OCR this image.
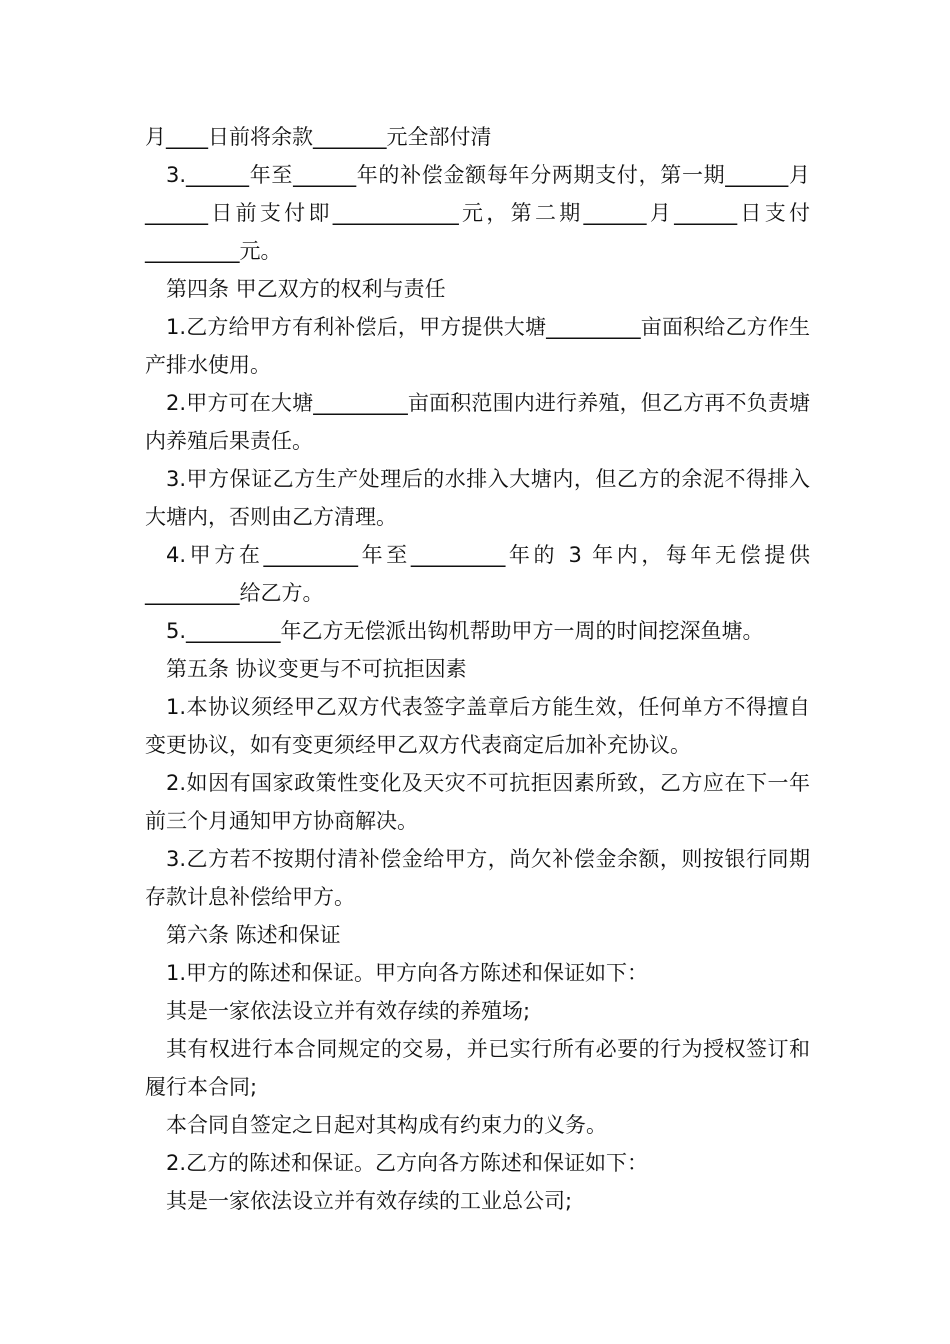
月____日前将余款_______元全部付清

3.______年至______年的补偿金额每年分两期支付，第一期______月______日前支付即____________元，第二期______月______日支付_________元。

第四条 甲乙双方的权利与责任

1.乙方给甲方有利补偿后，甲方提供大塘_________亩面积给乙方作生产排水使用。

2.甲方可在大塘_________亩面积范围内进行养殖，但乙方再不负责塘内养殖后果责任。

3.甲方保证乙方生产处理后的水排入大塘内，但乙方的余泥不得排入大塘内，否则由乙方清理。

4.甲方在_________年至_________年的 3 年内，每年无偿提供_________给乙方。

5._________年乙方无偿派出钩机帮助甲方一周的时间挖深鱼塘。

第五条 协议变更与不可抗拒因素

1.本协议须经甲乙双方代表签字盖章后方能生效，任何单方不得擅自变更协议，如有变更须经甲乙双方代表商定后加补充协议。

2.如因有国家政策性变化及天灾不可抗拒因素所致，乙方应在下一年前三个月通知甲方协商解决。

3.乙方若不按期付清补偿金给甲方，尚欠补偿金余额，则按银行同期存款计息补偿给甲方。

第六条 陈述和保证

1.甲方的陈述和保证。甲方向各方陈述和保证如下：

其是一家依法设立并有效存续的养殖场;

其有权进行本合同规定的交易，并已实行所有必要的行为授权签订和履行本合同;

本合同自签定之日起对其构成有约束力的义务。

2.乙方的陈述和保证。乙方向各方陈述和保证如下：

其是一家依法设立并有效存续的工业总公司;
